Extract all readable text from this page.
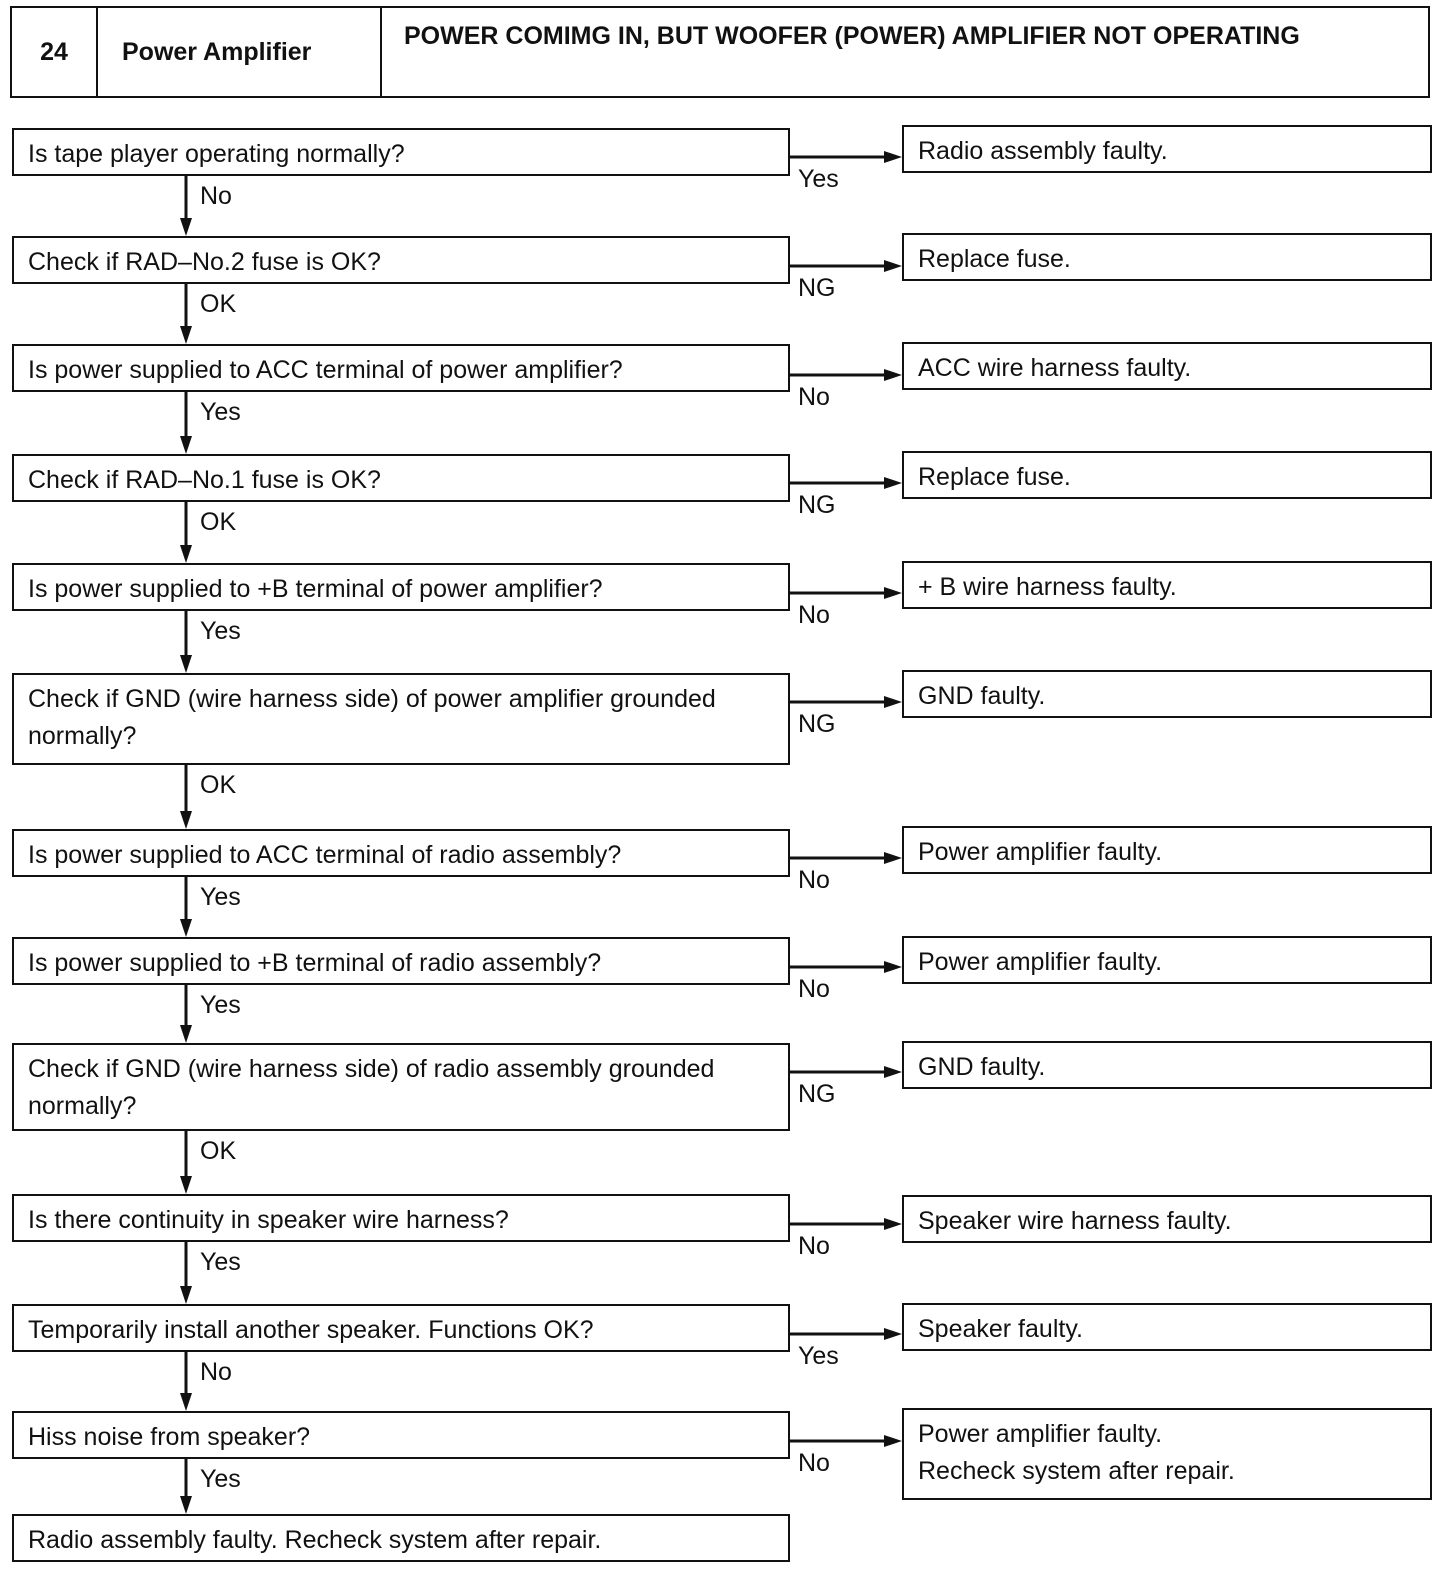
24	Power Amplifier
POWER COMIMG IN, BUT WOOFER (POWER) AMPLIFIER NOT OPERATING
Is tape player operating normally?	Radio assembly faulty.
Yes
No
Check if RAD–No.2 fuse is OK?	Replace fuse.
NG
OK
Is power supplied to ACC terminal of power amplifier?	ACC wire harness faulty.
No
Yes
Check if RAD–No.1 fuse is OK?	Replace fuse.
NG
OK
Is power supplied to +B terminal of power amplifier?	+ B wire harness faulty.
No
Yes
Check if GND (wire harness side) of power amplifier grounded normally?
GND faulty.
NG
OK
Is power supplied to ACC terminal of radio assembly?	Power amplifier faulty.
No
Yes
Is power supplied to +B terminal of radio assembly?	Power amplifier faulty.
No
Yes
Check if GND (wire harness side) of radio assembly grounded normally?
GND faulty.
NG
OK
Is there continuity in speaker wire harness?	Speaker wire harness faulty.
No
Yes
Temporarily install another speaker. Functions OK?	Speaker faulty.
Yes
No
Hiss noise from speaker?	Power amplifier faulty.
Recheck system after repair.
No
Yes
Radio assembly faulty. Recheck system after repair.
